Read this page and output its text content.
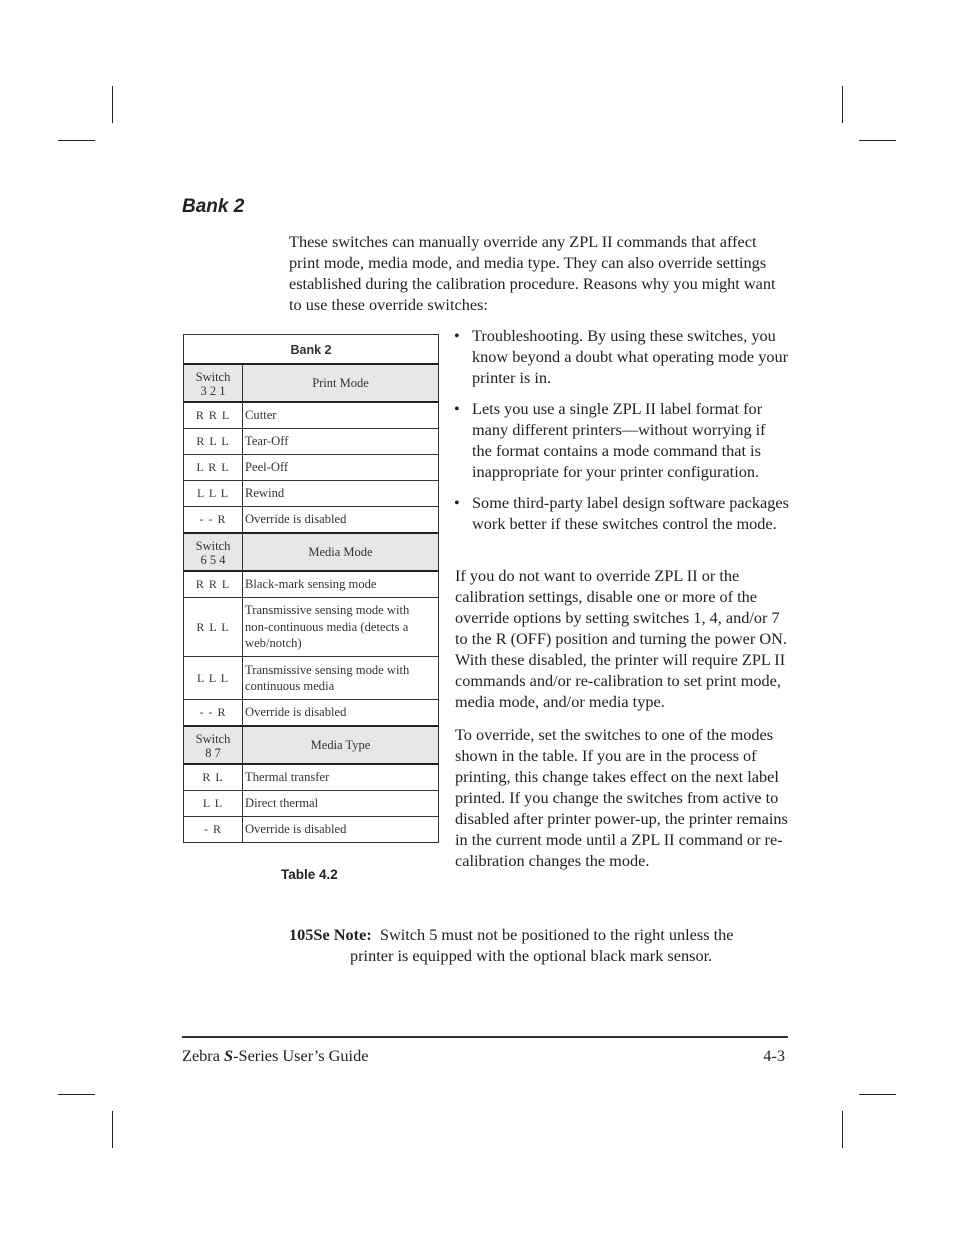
Bank 2

These switches can manually override any ZPL II commands that affect print mode, media mode, and media type. They can also override settings established during the calibration procedure. Reasons why you might want to use these override switches:

Bank 2	
Switch
3 2 1	Print Mode
R R L	Cutter
R L L	Tear-Off
L R L	Peel-Off
L L L	Rewind
- - R	Override is disabled
Switch
6 5 4	Media Mode
R R L	Black-mark sensing mode
R L L	Transmissive sensing mode with non-continuous media (detects a web/notch)
L L L	Transmissive sensing mode with continuous media
- - R	Override is disabled
Switch
8 7	Media Type
R L	Thermal transfer
L L	Direct thermal
- R	Override is disabled
Table 4.2
• Troubleshooting. By using these switches, you know beyond a doubt what operating mode your printer is in.
• Lets you use a single ZPL II label format for many different printers—without worrying if the format contains a mode command that is inappropriate for your printer configuration.
• Some third-party label design software packages work better if these switches control the mode.

If you do not want to override ZPL II or the calibration settings, disable one or more of the override options by setting switches 1, 4, and/or 7 to the R (OFF) position and turning the power ON. With these disabled, the printer will require ZPL II commands and/or re-calibration to set print mode, media mode, and/or media type.

To override, set the switches to one of the modes shown in the table. If you are in the process of printing, this change takes effect on the next label printed. If you change the switches from active to disabled after printer power-up, the printer remains in the current mode until a ZPL II command or re-calibration changes the mode.

105Se Note: Switch 5 must not be positioned to the right unless the
printer is equipped with the optional black mark sensor.

Zebra S-Series User’s Guide	4-3
